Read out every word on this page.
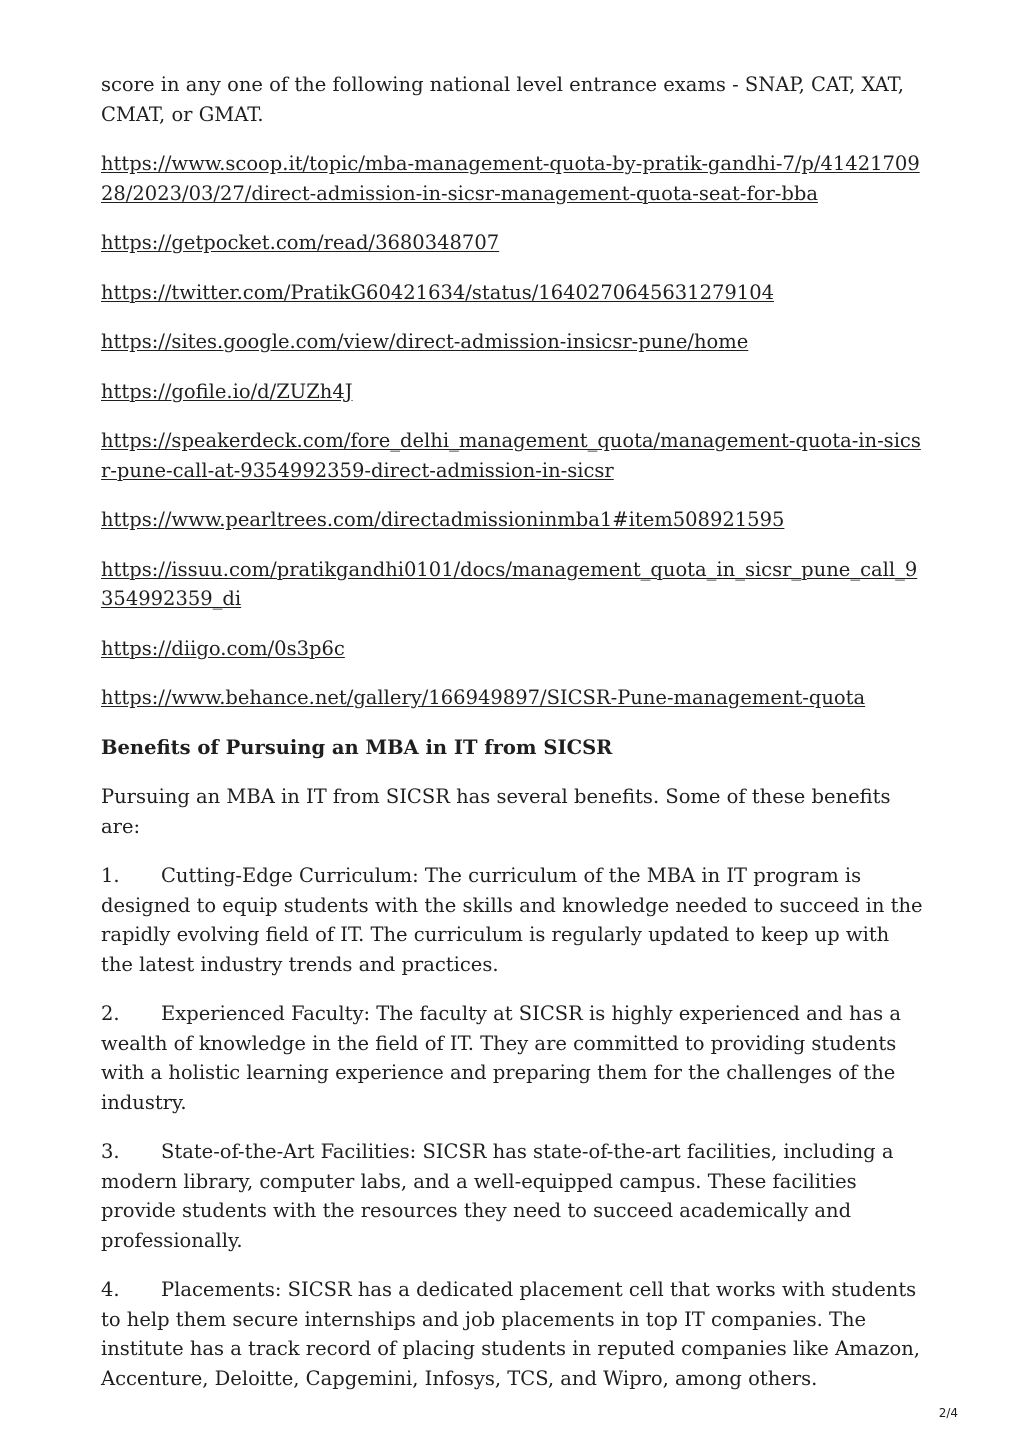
score in any one of the following national level entrance exams - SNAP, CAT, XAT, CMAT, or GMAT.

https://www.scoop.it/topic/mba-management-quota-by-pratik-gandhi-7/p/4142170928/2023/03/27/direct-admission-in-sicsr-management-quota-seat-for-bba
https://getpocket.com/read/3680348707
https://twitter.com/PratikG60421634/status/1640270645631279104
https://sites.google.com/view/direct-admission-insicsr-pune/home
https://gofile.io/d/ZUZh4J
https://speakerdeck.com/fore_delhi_management_quota/management-quota-in-sicsr-pune-call-at-9354992359-direct-admission-in-sicsr
https://www.pearltrees.com/directadmissioninmba1#item508921595
https://issuu.com/pratikgandhi0101/docs/management_quota_in_sicsr_pune_call_9354992359_di
https://diigo.com/0s3p6c
https://www.behance.net/gallery/166949897/SICSR-Pune-management-quota

Benefits of Pursuing an MBA in IT from SICSR

Pursuing an MBA in IT from SICSR has several benefits. Some of these benefits are:

1. Cutting-Edge Curriculum: The curriculum of the MBA in IT program is designed to equip students with the skills and knowledge needed to succeed in the rapidly evolving field of IT. The curriculum is regularly updated to keep up with the latest industry trends and practices.

2. Experienced Faculty: The faculty at SICSR is highly experienced and has a wealth of knowledge in the field of IT. They are committed to providing students with a holistic learning experience and preparing them for the challenges of the industry.

3. State-of-the-Art Facilities: SICSR has state-of-the-art facilities, including a modern library, computer labs, and a well-equipped campus. These facilities provide students with the resources they need to succeed academically and professionally.

4. Placements: SICSR has a dedicated placement cell that works with students to help them secure internships and job placements in top IT companies. The institute has a track record of placing students in reputed companies like Amazon, Accenture, Deloitte, Capgemini, Infosys, TCS, and Wipro, among others.

2/4
